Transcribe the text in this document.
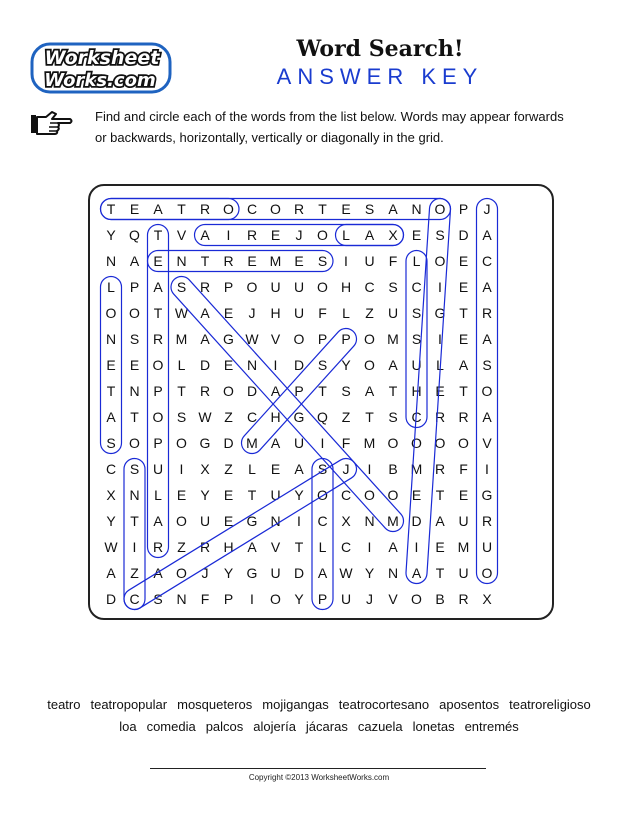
Worksheet
Works.com
Word Search!
ANSWER KEY
Find and circle each of the words from the list below. Words may appear forwards
or backwards, horizontally, vertically or diagonally in the grid.
T E A T R O C O R T E S A N O P J
Y Q T V A I R E J O L A X E S D A
N A E N T R E M E S I U F L O E C
L P A S R P O U U O H C S C I E A
O O T W A E J H U F L Z U S G T R
N S R M A G W V O P P O M S I E A
E E O L D E N I D S Y O A U L A S
T N P T R O D A P T S A T H E T O
A T O S W Z C H G Q Z T S C R R A
S O P O G D M A U I F M O O O O V
C S U I X Z L E A S J I B M R F I
X N L E Y E T U Y O C O O E T E G
Y T A O U E G N I C X N M D A U R
W I R Z R H A V T L C I A I E M U
A Z A O J Y G U D A W Y N A T U O
D C S N F P I O Y P U J V O B R X
teatro teatropopular mosqueteros mojigangas teatrocortesano aposentos teatroreligioso
loa comedia palcos alojería jácaras cazuela lonetas entremés
Copyright ©2013 WorksheetWorks.com
